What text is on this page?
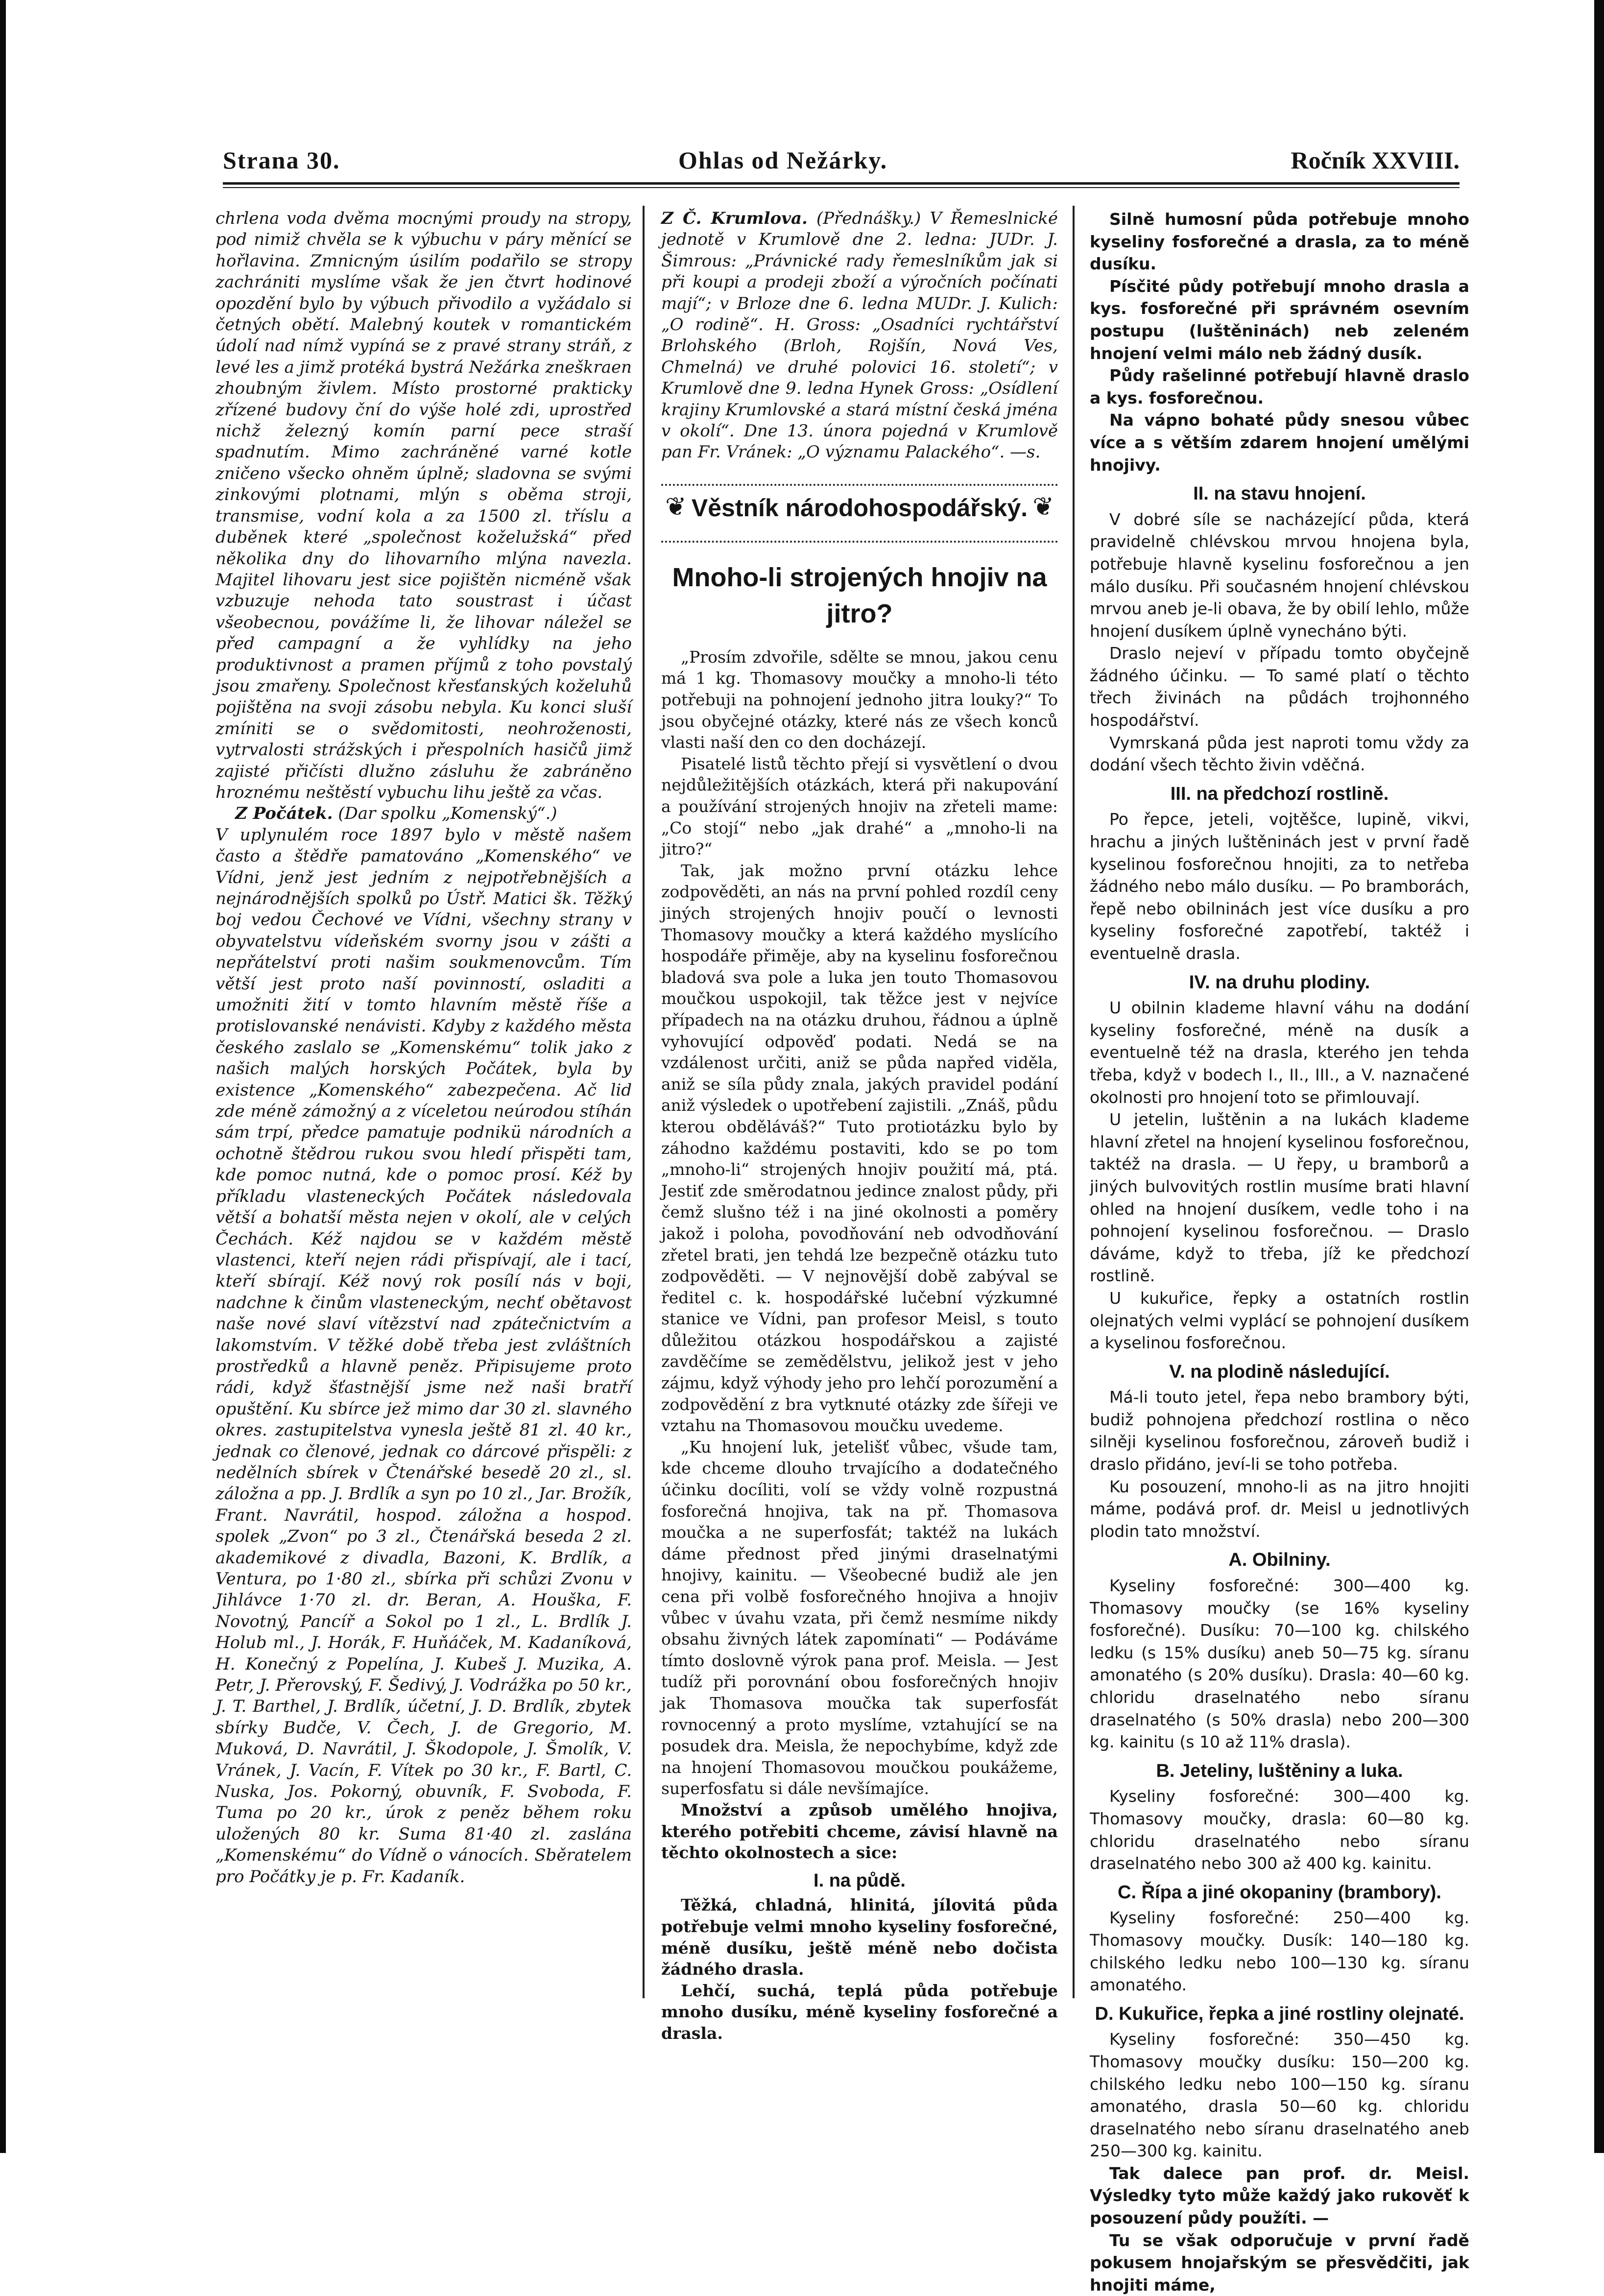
Strana 30.	Ohlas od Nežárky.	Ročník XXVIII.

chrlena voda dvěma mocnými proudy na stropy, pod nimiž chvěla se k výbuchu v páry měnící se hořlavina. Zmnicným úsilím podařilo se stropy zachrániti myslíme však že jen čtvrt hodinové opozdění bylo by výbuch přivodilo a vyžádalo si četných obětí. Malebný koutek v romantickém údolí nad nímž vypíná se z pravé strany stráň, z levé les a jimž protéká bystrá Nežárka zneškraen zhoubným živlem. Místo prostorné prakticky zřízené budovy ční do výše holé zdi, uprostřed nichž železný komín parní pece straší spadnutím. Mimo zachráněné varné kotle zničeno všecko ohněm úplně; sladovna se svými zinkovými plotnami, mlýn s oběma stroji, transmise, vodní kola a za 1500 zl. tříslu a duběnek které „společnost koželužská“ před několika dny do lihovarního mlýna navezla. Majitel lihovaru jest sice pojištěn nicméně však vzbuzuje nehoda tato soustrast i účast všeobecnou, povážíme li, že lihovar náležel se před campagní a že vyhlídky na jeho produktivnost a pramen příjmů z toho povstalý jsou zmařeny. Společnost křesťanských koželuhů pojištěna na svoji zásobu nebyla. Ku konci sluší zmíniti se o svědomitosti, neohroženosti, vytrvalosti strážských i přespolních hasičů jimž zajisté přičísti dlužno zásluhu že zabráněno hroznému neštěstí vybuchu lihu ještě za včas.

Z Počátek. (Dar spolku „Komenský“.)

V uplynulém roce 1897 bylo v městě našem často a štědře pamatováno „Komenského“ ve Vídni, jenž jest jedním z nejpotřebnějších a nejnárodnějších spolků po Ústř. Matici šk. Těžký boj vedou Čechové ve Vídni, všechny strany v obyvatelstvu vídeňském svorny jsou v zášti a nepřátelství proti našim soukmenovcům. Tím větší jest proto naší povinností, osladiti a umožniti žití v tomto hlavním městě říše a protislovanské nenávisti. Kdyby z každého města českého zaslalo se „Komenskému“ tolik jako z našich malých horských Počátek, byla by existence „Komenského“ zabezpečena. Ač lid zde méně zámožný a z víceletou neúrodou stíhán sám trpí, předce pamatuje podnikü národních a ochotně štědrou rukou svou hledí přispěti tam, kde pomoc nutná, kde o pomoc prosí. Kéž by příkladu vlasteneckých Počátek následovala větší a bohatší města nejen v okolí, ale v celých Čechách. Kéž najdou se v každém městě vlastenci, kteří nejen rádi přispívají, ale i tací, kteří sbírají. Kéž nový rok posílí nás v boji, nadchne k činům vlasteneckým, nechť obětavost naše nové slaví vítězství nad zpátečnictvím a lakomstvím. V těžké době třeba jest zvláštních prostředků a hlavně peněz. Připisujeme proto rádi, když šťastnější jsme než naši bratří opuštění. Ku sbírce jež mimo dar 30 zl. slavného okres. zastupitelstva vynesla ještě 81 zl. 40 kr., jednak co členové, jednak co dárcové přispěli: z nedělních sbírek v Čtenářské besedě 20 zl., sl. záložna a pp. J. Brdlík a syn po 10 zl., Jar. Brožík, Frant. Navrátil, hospod. záložna a hospod. spolek „Zvon“ po 3 zl., Čtenářská beseda 2 zl. akademikové z divadla, Bazoni, K. Brdlík, a Ventura, po 1·80 zl., sbírka při schůzi Zvonu v Jihlávce 1·70 zl. dr. Beran, A. Houška, F. Novotný, Pancíř a Sokol po 1 zl., L. Brdlík J. Holub ml., J. Horák, F. Huňáček, M. Kadaníková, H. Konečný z Popelína, J. Kubeš J. Muzika, A. Petr, J. Přerovský, F. Šedivý, J. Vodrážka po 50 kr., J. T. Barthel, J. Brdlík, účetní, J. D. Brdlík, zbytek sbírky Budče, V. Čech, J. de Gregorio, M. Muková, D. Navrátil, J. Škodopole, J. Šmolík, V. Vránek, J. Vacín, F. Vítek po 30 kr., F. Bartl, C. Nuska, Jos. Pokorný, obuvník, F. Svoboda, F. Tuma po 20 kr., úrok z peněz během roku uložených 80 kr. Suma 81·40 zl. zaslána „Komenskému“ do Vídně o vánocích. Sběratelem pro Počátky je p. Fr. Kadaník.

Z Č. Krumlova. (Přednášky.) V Řemeslnické jednotě v Krumlově dne 2. ledna: JUDr. J. Šimrous: „Právnické rady řemeslníkům jak si při koupi a prodeji zboží a výročních počínati mají“; v Brloze dne 6. ledna MUDr. J. Kulich: „O rodině“. H. Gross: „Osadníci rychtářství Brlohského (Brloh, Rojšín, Nová Ves, Chmelná) ve druhé polovici 16. století“; v Krumlově dne 9. ledna Hynek Gross: „Osídlení krajiny Krumlovské a stará místní česká jména v okolí“. Dne 13. února pojedná v Krumlově pan Fr. Vránek: „O významu Palackého“. —s.

❦ Věstník národohospodářský. ❦
Mnoho-li strojených hnojiv na jitro?

„Prosím zdvořile, sdělte se mnou, jakou cenu má 1 kg. Thomasovy moučky a mnoho-li této potřebuji na pohnojení jednoho jitra louky?“ To jsou obyčejné otázky, které nás ze všech konců vlasti naší den co den docházejí.

Pisatelé listů těchto přejí si vysvětlení o dvou nejdůležitějších otázkách, která při nakupování a používání strojených hnojiv na zřeteli mame: „Co stojí“ nebo „jak drahé“ a „mnoho-li na jitro?“

Tak, jak možno první otázku lehce zodpověděti, an nás na první pohled rozdíl ceny jiných strojených hnojiv poučí o levnosti Thomasovy moučky a která každého myslícího hospodáře přiměje, aby na kyselinu fosforečnou bladová sva pole a luka jen touto Thomasovou moučkou uspokojil, tak těžce jest v nejvíce případech na na otázku druhou, řádnou a úplně vyhovující odpověď podati. Nedá se na vzdálenost určiti, aniž se půda napřed viděla, aniž se síla půdy znala, jakých pravidel podání aniž výsledek o upotřebení zajistili. „Znáš, půdu kterou obděláváš?“ Tuto protiotázku bylo by záhodno každému postaviti, kdo se po tom „mnoho-li“ strojených hnojiv použití má, ptá. Jestiť zde směrodatnou jedince znalost půdy, při čemž slušno též i na jiné okolnosti a poměry jakož i poloha, povodňování neb odvodňování zřetel brati, jen tehdá lze bezpečně otázku tuto zodpověděti. — V nejnovější době zabýval se ředitel c. k. hospodářské lučební výzkumné stanice ve Vídni, pan profesor Meisl, s touto důležitou otázkou hospodářskou a zajisté zavděčíme se zemědělstvu, jelikož jest v jeho zájmu, když výhody jeho pro lehčí porozumění a zodpovědění z bra vytknuté otázky zde šířeji ve vztahu na Thomasovou moučku uvedeme.

„Ku hnojení luk, jetelišť vůbec, všude tam, kde chceme dlouho trvajícího a dodatečného účinku docíliti, volí se vždy volně rozpustná fosforečná hnojiva, tak na př. Thomasova moučka a ne superfosfát; taktéž na lukách dáme přednost před jinými draselnatými hnojivy, kainitu. — Všeobecné budiž ale jen cena při volbě fosforečného hnojiva a hnojiv vůbec v úvahu vzata, při čemž nesmíme nikdy obsahu živných látek zapomínati“ — Podáváme tímto doslovně výrok pana prof. Meisla. — Jest tudíž při porovnání obou fosforečných hnojiv jak Thomasova moučka tak superfosfát rovnocenný a proto myslíme, vztahující se na posudek dra. Meisla, že nepochybíme, když zde na hnojení Thomasovou moučkou poukážeme, superfosfatu si dále nevšímajíce.

Množství a způsob umělého hnojiva, kterého potřebiti chceme, závisí hlavně na těchto okolnostech a sice:

I. na půdě.

Těžká, chladná, hlinitá, jílovitá půda potřebuje velmi mnoho kyseliny fosforečné, méně dusíku, ještě méně nebo dočista žádného draslа.

Lehčí, suchá, teplá půda potřebuje mnoho dusíku, méně kyseliny fosforečné a drasla.

Silně humosní půda potřebuje mnoho kyseliny fosforečné a drasla, za to méně dusíku.

Písčité půdy potřebují mnoho drasla a kys. fosforečné při správném osevním postupu (luštěninách) neb zeleném hnojení velmi málo neb žádný dusík.

Půdy rašelinné potřebují hlavně draslo a kys. fosforečnou.

Na vápno bohaté půdy snesou vůbec více a s větším zdarem hnojení umělými hnojivy.

II. na stavu hnojení.

V dobré síle se nacházející půda, která pravidelně chlévskou mrvou hnojena byla, potřebuje hlavně kyselinu fosforečnou a jen málo dusíku. Při současném hnojení chlévskou mrvou aneb je-li obava, že by obilí lehlo, může hnojení dusíkem úplně vynecháno býti.

Draslo nejeví v případu tomto obyčejně žádného účinku. — To samé platí o těchto třech živinách na půdách trojhonného hospodářství.

Vymrskaná půda jest naproti tomu vždy za dodání všech těchto živin vděčná.

III. na předchozí rostlině.

Po řepce, jeteli, vojtěšce, lupině, vikvi, hrachu a jiných luštěninách jest v první řadě kyselinou fosforečnou hnojiti, za to netřeba žádného nebo málo dusíku. — Po bramborách, řepě nebo obilninách jest více dusíku a pro kyseliny fosforečné zapotřebí, taktéž i eventuelně drasla.

IV. na druhu plodiny.

U obilnin klademe hlavní váhu na dodání kyseliny fosforečné, méně na dusík a eventuelně též na drasla, kterého jen tehda třeba, když v bodech I., II., III., a V. naznačené okolnosti pro hnojení toto se přimlouvají.

U jetelin, luštěnin a na lukách klademe hlavní zřetel na hnojení kyselinou fosforečnou, taktéž na drasla. — U řepy, u bramborů a jiných bulvovitých rostlin musíme brati hlavní ohled na hnojení dusíkem, vedle toho i na pohnojení kyselinou fosforečnou. — Draslo dáváme, když to třeba, jíž ke předchozí rostlině.

U kukuřice, řepky a ostatních rostlin olejnatých velmi vyplácí se pohnojení dusíkem a kyselinou fosforečnou.

V. na plodině následující.

Má-li touto jetel, řepa nebo brambory býti, budiž pohnojena předchozí rostlina o něco silněji kyselinou fosforečnou, zároveň budiž i draslo přidáno, jeví-li se toho potřeba.

Ku posouzení, mnoho-li as na jitro hnojiti máme, podává prof. dr. Meisl u jednotlivých plodin tato množství.

A. Obilniny.

Kyseliny fosforečné: 300—400 kg. Thomasovy moučky (se 16% kyseliny fosforečné). Dusíku: 70—100 kg. chilského ledku (s 15% dusíku) aneb 50—75 kg. síranu amonatého (s 20% dusíku). Drasla: 40—60 kg. chloridu draselnatého nebo síranu draselnatého (s 50% drasla) nebo 200—300 kg. kainitu (s 10 až 11% drasla).

B. Jeteliny, luštěniny a luka.

Kyseliny fosforečné: 300—400 kg. Thomasovy moučky, drasla: 60—80 kg. chloridu draselnatého nebo síranu draselnatého nebo 300 až 400 kg. kainitu.

C. Řípa a jiné okopaniny (brambory).

Kyseliny fosforečné: 250—400 kg. Thomasovy moučky. Dusík: 140—180 kg. chilského ledku nebo 100—130 kg. síranu amonatého.

D. Kukuřice, řepka a jiné rostliny olejnaté.

Kyseliny fosforečné: 350—450 kg. Thomasovy moučky dusíku: 150—200 kg. chilského ledku nebo 100—150 kg. síranu amonatého, drasla 50—60 kg. chloridu draselnatého nebo síranu draselnatého aneb 250—300 kg. kainitu.

Tak dalece pan prof. dr. Meisl. Výsledky tyto může každý jako rukověť k posouzení půdy použíti. —

Tu se však odporučuje v první řadě pokusem hnojařským se přesvědčiti, jak hnojiti máme,
